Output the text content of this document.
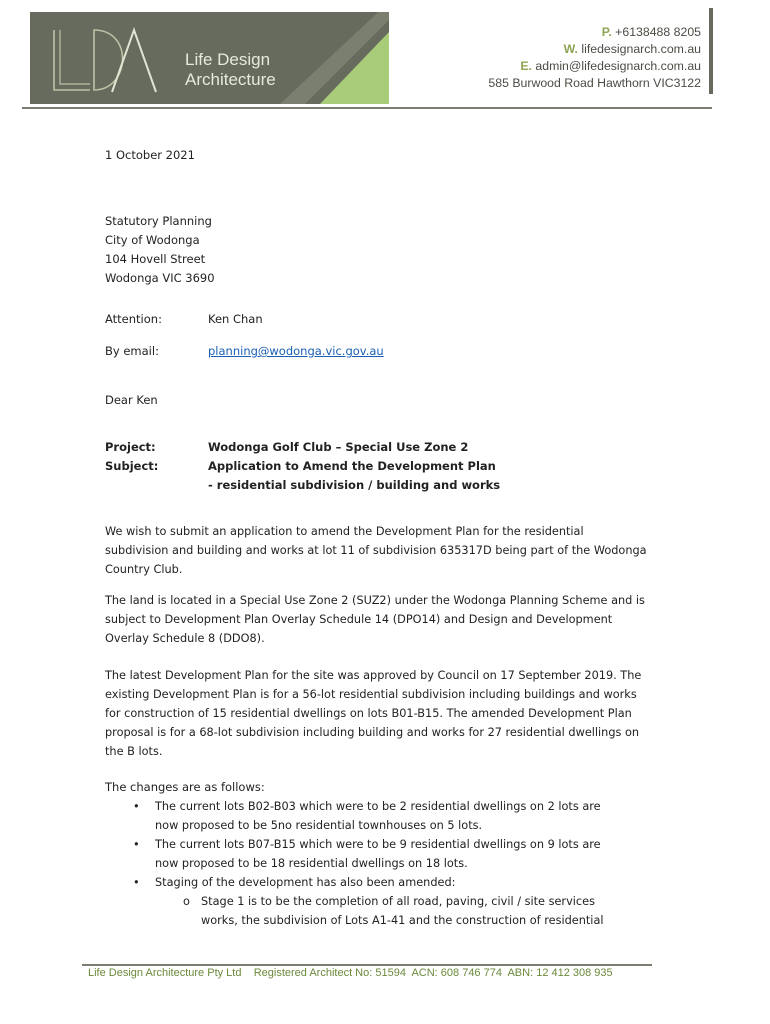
Life Design
Architecture
P. +6138488 8205
W. lifedesignarch.com.au
E. admin@lifedesignarch.com.au
585 Burwood Road Hawthorn VIC3122
1 October 2021
Statutory Planning
City of Wodonga
104 Hovell Street
Wodonga VIC 3690
Attention:	Ken Chan
By email:	planning@wodonga.vic.gov.au
Dear Ken
Project:	Wodonga Golf Club – Special Use Zone 2
Subject:	Application to Amend the Development Plan
- residential subdivision / building and works
We wish to submit an application to amend the Development Plan for the residential subdivision and building and works at lot 11 of subdivision 635317D being part of the Wodonga Country Club.
The land is located in a Special Use Zone 2 (SUZ2) under the Wodonga Planning Scheme and is subject to Development Plan Overlay Schedule 14 (DPO14) and Design and Development Overlay Schedule 8 (DDO8).
The latest Development Plan for the site was approved by Council on 17 September 2019. The existing Development Plan is for a 56-lot residential subdivision including buildings and works for construction of 15 residential dwellings on lots B01-B15. The amended Development Plan proposal is for a 68-lot subdivision including building and works for 27 residential dwellings on the B lots.
The changes are as follows:
• The current lots B02-B03 which were to be 2 residential dwellings on 2 lots are now proposed to be 5no residential townhouses on 5 lots.
• The current lots B07-B15 which were to be 9 residential dwellings on 9 lots are now proposed to be 18 residential dwellings on 18 lots.
• Staging of the development has also been amended:
o Stage 1 is to be the completion of all road, paving, civil / site services works, the subdivision of Lots A1-41 and the construction of residential
Life Design Architecture Pty Ltd    Registered Architect No: 51594  ACN: 608 746 774  ABN: 12 412 308 935
